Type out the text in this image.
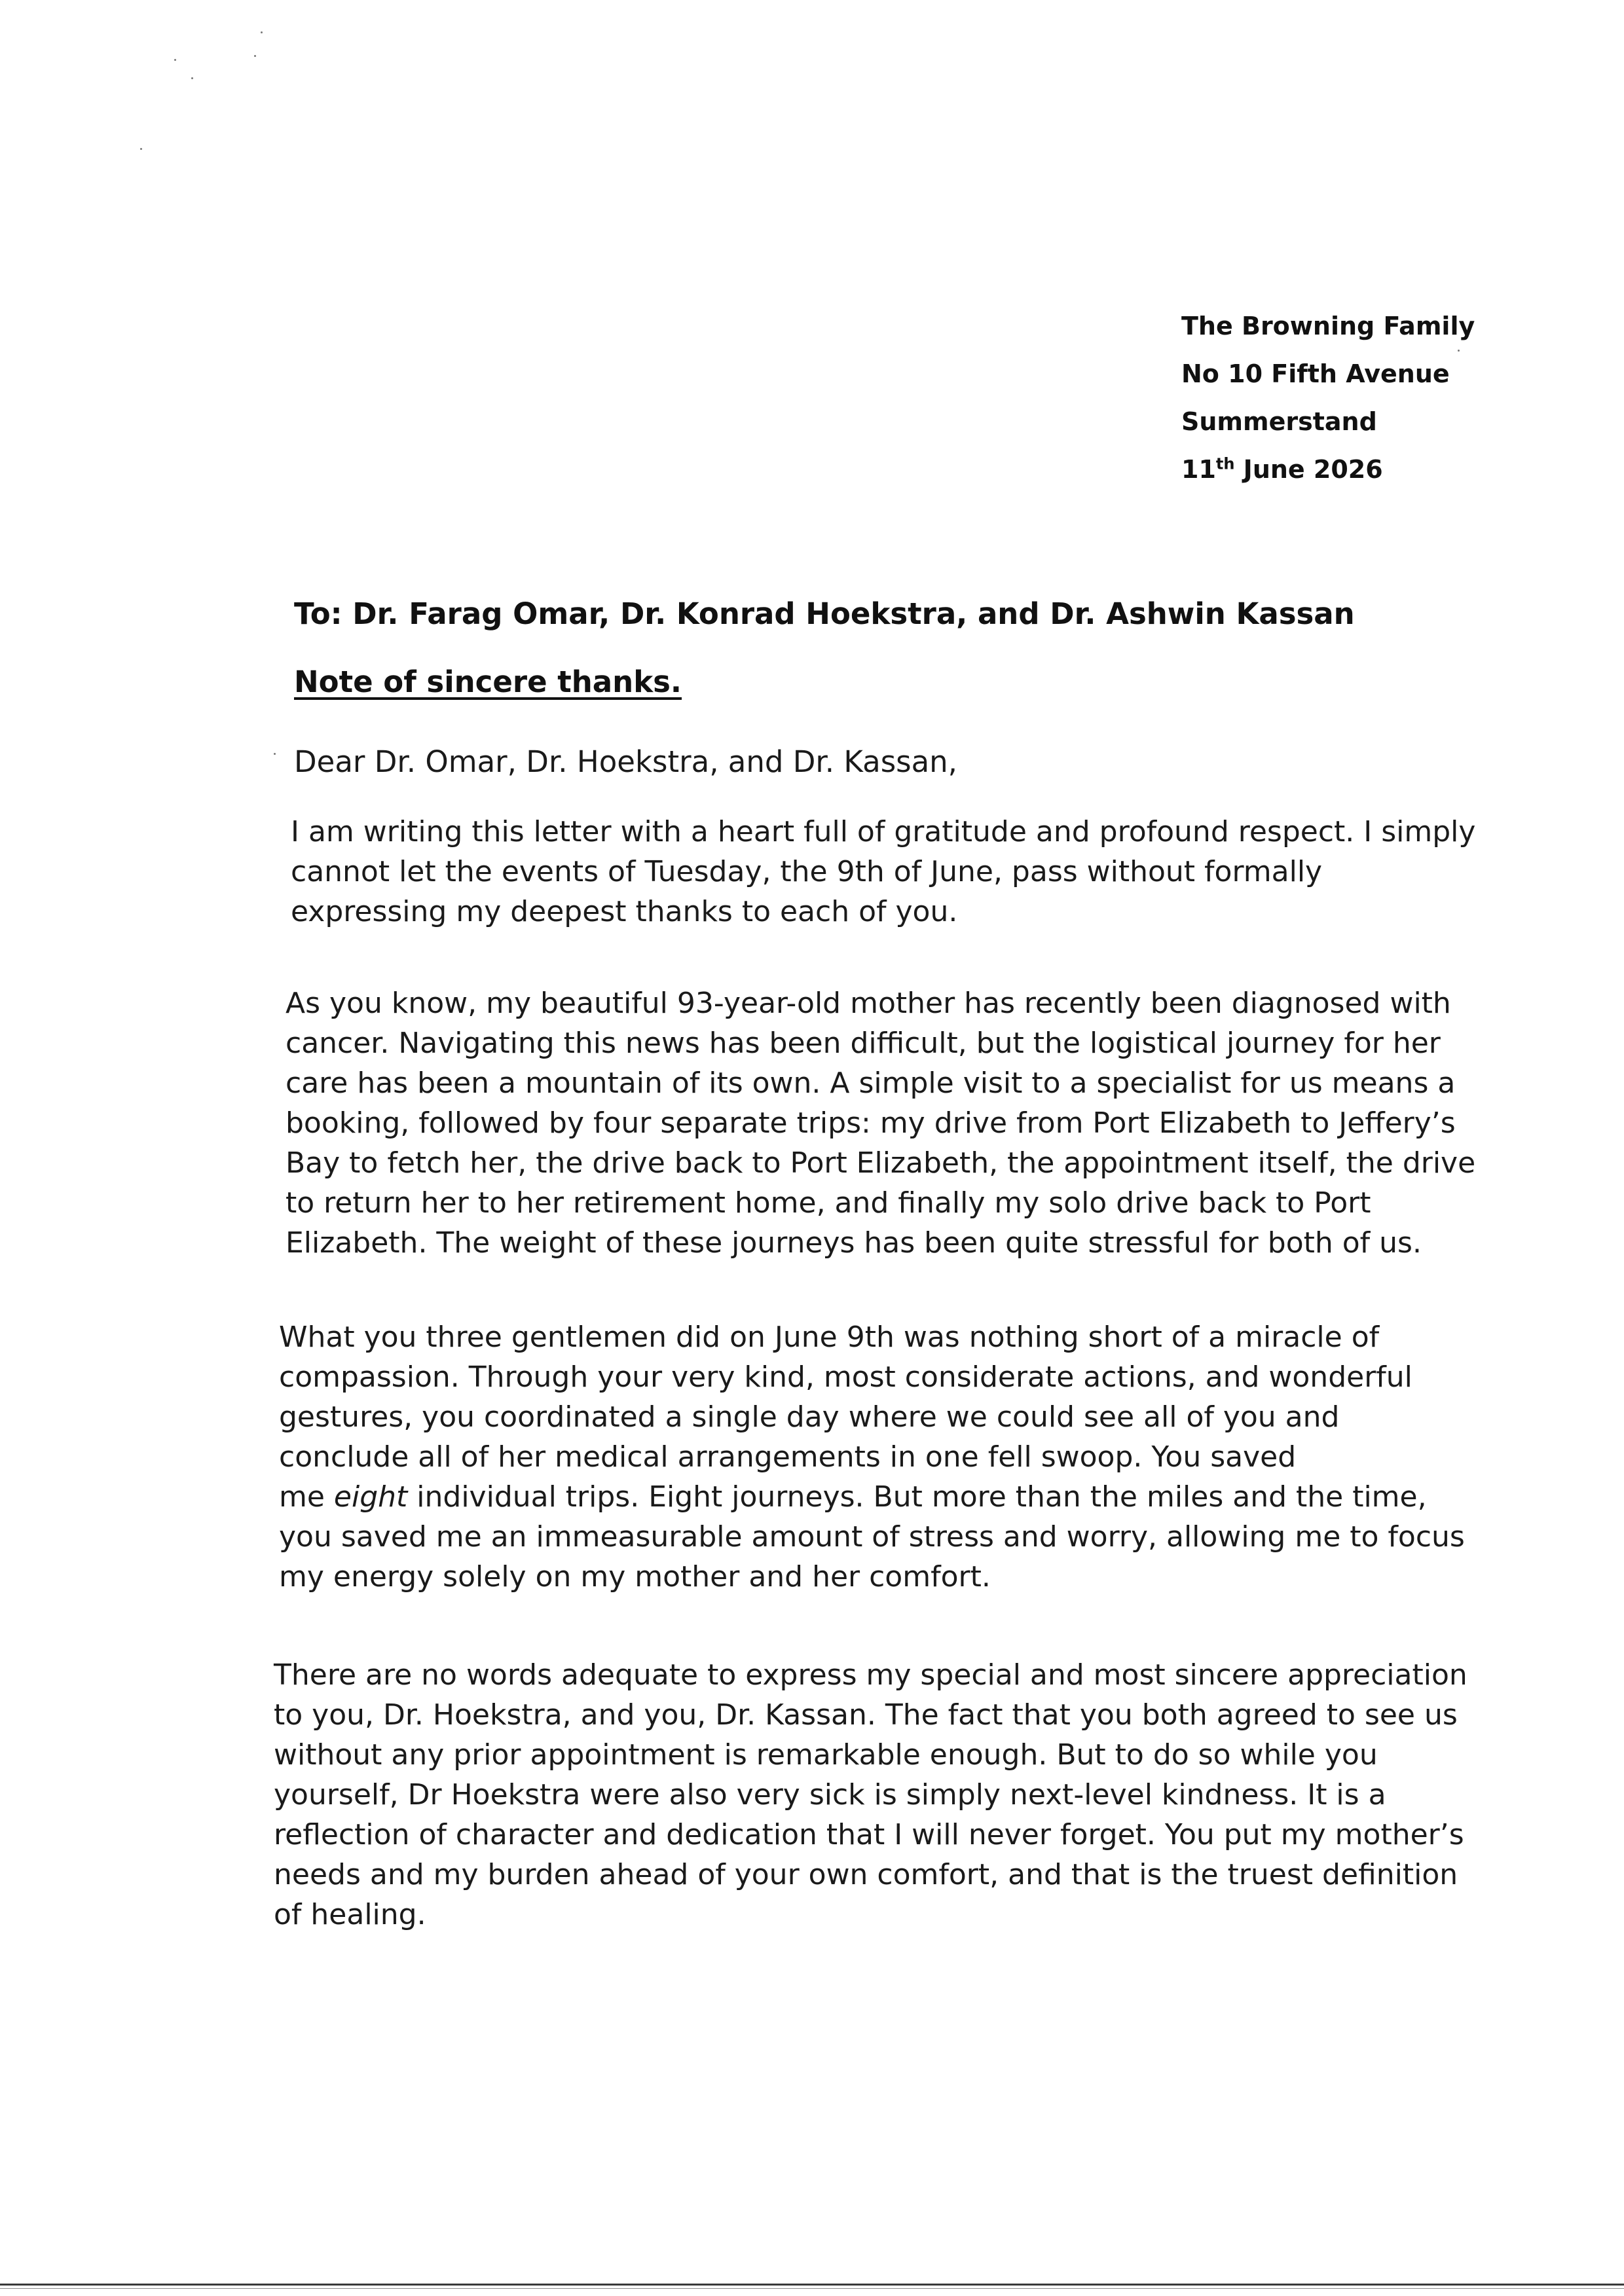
The Browning Family
No 10 Fifth Avenue
Summerstand
11th June 2026
To: Dr. Farag Omar, Dr. Konrad Hoekstra, and Dr. Ashwin Kassan
Note of sincere thanks.
Dear Dr. Omar, Dr. Hoekstra, and Dr. Kassan,
I am writing this letter with a heart full of gratitude and profound respect. I simply
cannot let the events of Tuesday, the 9th of June, pass without formally
expressing my deepest thanks to each of you.
As you know, my beautiful 93-year-old mother has recently been diagnosed with
cancer. Navigating this news has been difficult, but the logistical journey for her
care has been a mountain of its own. A simple visit to a specialist for us means a
booking, followed by four separate trips: my drive from Port Elizabeth to Jeffery’s
Bay to fetch her, the drive back to Port Elizabeth, the appointment itself, the drive
to return her to her retirement home, and finally my solo drive back to Port
Elizabeth. The weight of these journeys has been quite stressful for both of us.
What you three gentlemen did on June 9th was nothing short of a miracle of
compassion. Through your very kind, most considerate actions, and wonderful
gestures, you coordinated a single day where we could see all of you and
conclude all of her medical arrangements in one fell swoop. You saved
me eight individual trips. Eight journeys. But more than the miles and the time,
you saved me an immeasurable amount of stress and worry, allowing me to focus
my energy solely on my mother and her comfort.
There are no words adequate to express my special and most sincere appreciation
to you, Dr. Hoekstra, and you, Dr. Kassan. The fact that you both agreed to see us
without any prior appointment is remarkable enough. But to do so while you
yourself, Dr Hoekstra were also very sick is simply next-level kindness. It is a
reflection of character and dedication that I will never forget. You put my mother’s
needs and my burden ahead of your own comfort, and that is the truest definition
of healing.
